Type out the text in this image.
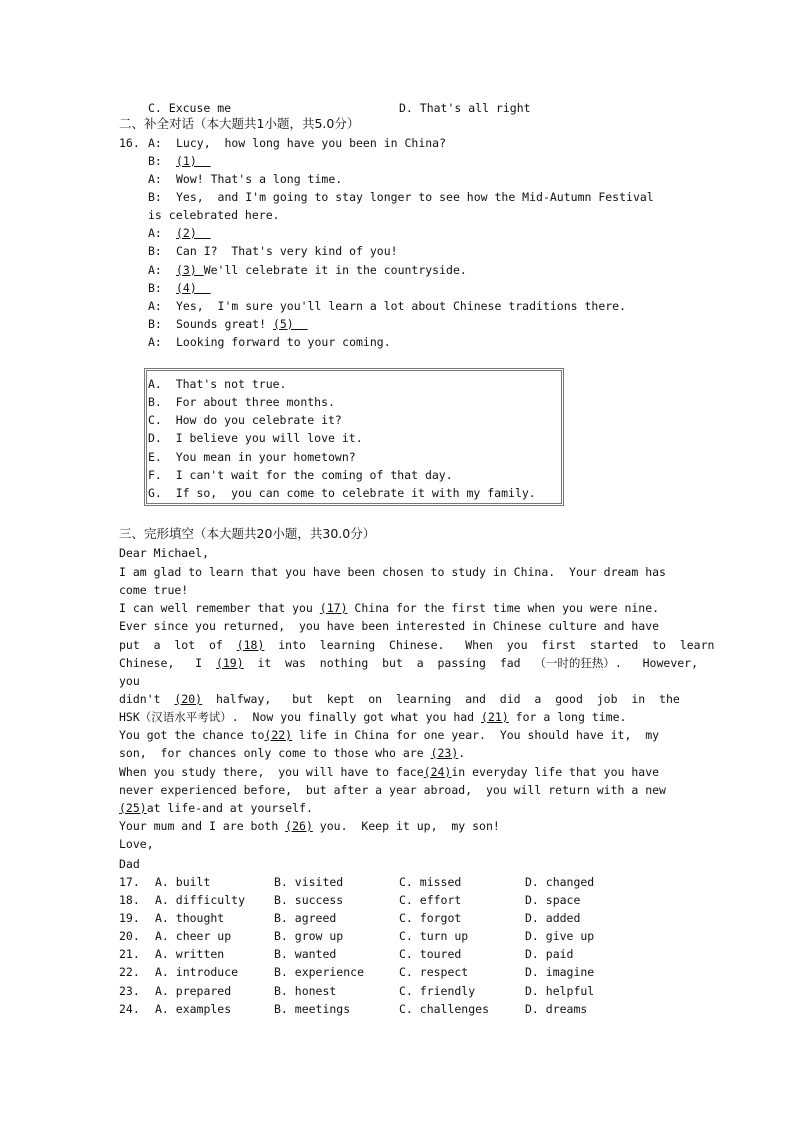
C. Excuse me	D. That's all right
二、补全对话（本大题共1小题，共5.0分）
16. A: Lucy,  how long have you been in China?
B: (1)
A: Wow! That's a long time.
B: Yes,  and I'm going to stay longer to see how the Mid-Autumn Festival
is celebrated here.
A: (2)
B: Can I?  That's very kind of you!
A: (3) We'll celebrate it in the countryside.
B: (4)
A: Yes,  I'm sure you'll learn a lot about Chinese traditions there.
B: Sounds great! (5)
A: Looking forward to your coming.
A.  That's not true.
B.  For about three months.
C.  How do you celebrate it?
D.  I believe you will love it.
E.  You mean in your hometown?
F.  I can't wait for the coming of that day.
G.  If so,  you can come to celebrate it with my family.
三、完形填空（本大题共20小题，共30.0分）
Dear Michael,
I am glad to learn that you have been chosen to study in China.  Your dream has
come true!
I can well remember that you (17) China for the first time when you were nine.
Ever since you returned,  you have been interested in Chinese culture and have
put  a  lot  of  (18)  into  learning  Chinese.   When  you  first  started  to  learn
Chinese,   I  (19)  it  was  nothing  but  a  passing  fad  （一时的狂热）.   However,
you
didn't  (20)  halfway,   but  kept  on  learning  and  did  a  good  job  in  the
HSK（汉语水平考试）.  Now you finally got what you had (21) for a long time.
You got the chance to(22) life in China for one year.  You should have it,  my
son,  for chances only come to those who are (23).
When you study there,  you will have to face(24)in everyday life that you have
never experienced before,  but after a year abroad,  you will return with a new
(25)at life-and at yourself.
Your mum and I are both (26) you.  Keep it up,  my son!
Love,
Dad
17. A. built	B. visited	C. missed	D. changed
18. A. difficulty	B. success	C. effort	D. space
19. A. thought	B. agreed	C. forgot	D. added
20. A. cheer up	B. grow up	C. turn up	D. give up
21. A. written	B. wanted	C. toured	D. paid
22. A. introduce	B. experience	C. respect	D. imagine
23. A. prepared	B. honest	C. friendly	D. helpful
24. A. examples	B. meetings	C. challenges	D. dreams
